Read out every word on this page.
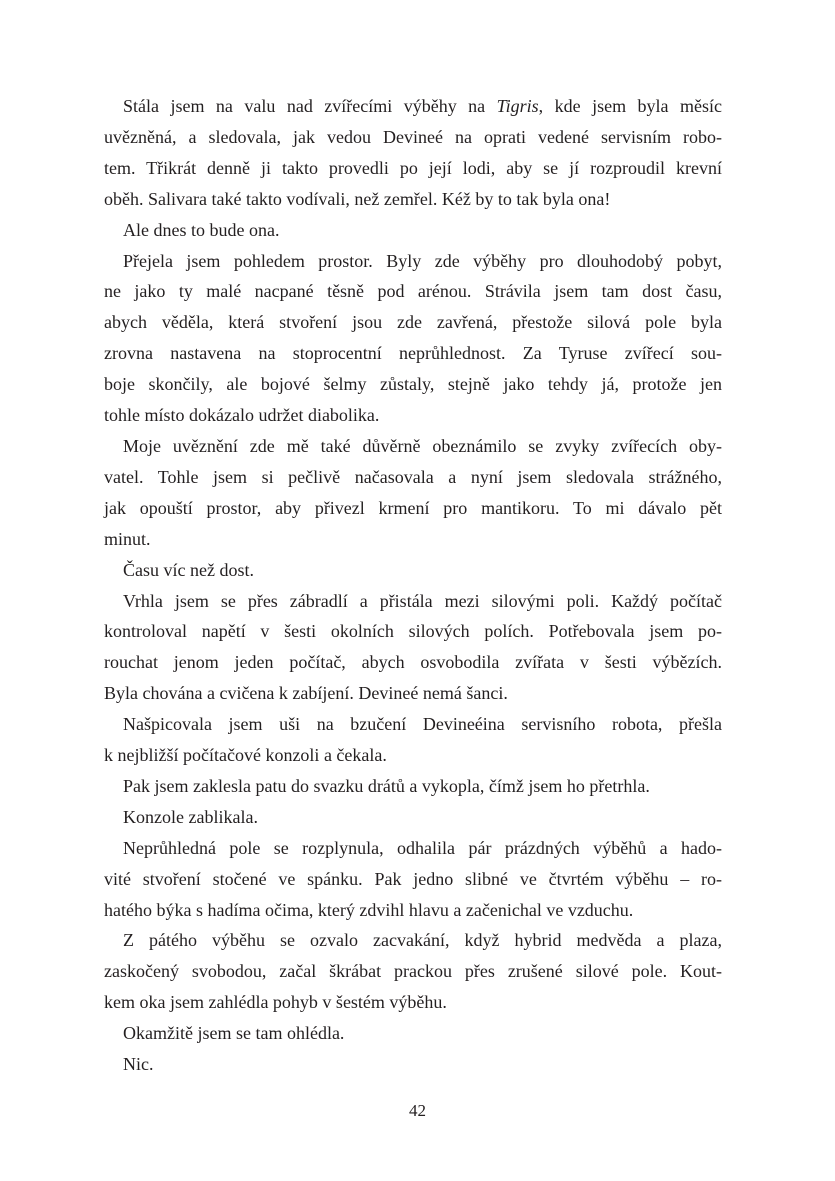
Stála jsem na valu nad zvířecími výběhy na Tigris, kde jsem byla měsíc
uvězněná, a sledovala, jak vedou Devineé na oprati vedené servisním robo-
tem. Třikrát denně ji takto provedli po její lodi, aby se jí rozproudil krevní
oběh. Salivara také takto vodívali, než zemřel. Kéž by to tak byla ona!

Ale dnes to bude ona.

Přejela jsem pohledem prostor. Byly zde výběhy pro dlouhodobý pobyt,
ne jako ty malé nacpané těsně pod arénou. Strávila jsem tam dost času,
abych věděla, která stvoření jsou zde zavřená, přestože silová pole byla
zrovna nastavena na stoprocentní neprůhlednost. Za Tyruse zvířecí sou-
boje skončily, ale bojové šelmy zůstaly, stejně jako tehdy já, protože jen
tohle místo dokázalo udržet diabolika.

Moje uvěznění zde mě také důvěrně obeznámilo se zvyky zvířecích oby-
vatel. Tohle jsem si pečlivě načasovala a nyní jsem sledovala strážného,
jak opouští prostor, aby přivezl krmení pro mantikoru. To mi dávalo pět
minut.

Času víc než dost.

Vrhla jsem se přes zábradlí a přistála mezi silovými poli. Každý počítač
kontroloval napětí v šesti okolních silových polích. Potřebovala jsem po-
rouchat jenom jeden počítač, abych osvobodila zvířata v šesti výbězích.
Byla chována a cvičena k zabíjení. Devineé nemá šanci.

Našpicovala jsem uši na bzučení Devineéina servisního robota, přešla
k nejbližší počítačové konzoli a čekala.

Pak jsem zaklesla patu do svazku drátů a vykopla, čímž jsem ho přetrhla.

Konzole zablikala.

Neprůhledná pole se rozplynula, odhalila pár prázdných výběhů a hado-
vité stvoření stočené ve spánku. Pak jedno slibné ve čtvrtém výběhu – ro-
hatého býka s hadíma očima, který zdvihl hlavu a začenichal ve vzduchu.

Z pátého výběhu se ozvalo zacvakání, když hybrid medvěda a plaza,
zaskočený svobodou, začal škrábat prackou přes zrušené silové pole. Kout-
kem oka jsem zahlédla pohyb v šestém výběhu.

Okamžitě jsem se tam ohlédla.

Nic.

42
